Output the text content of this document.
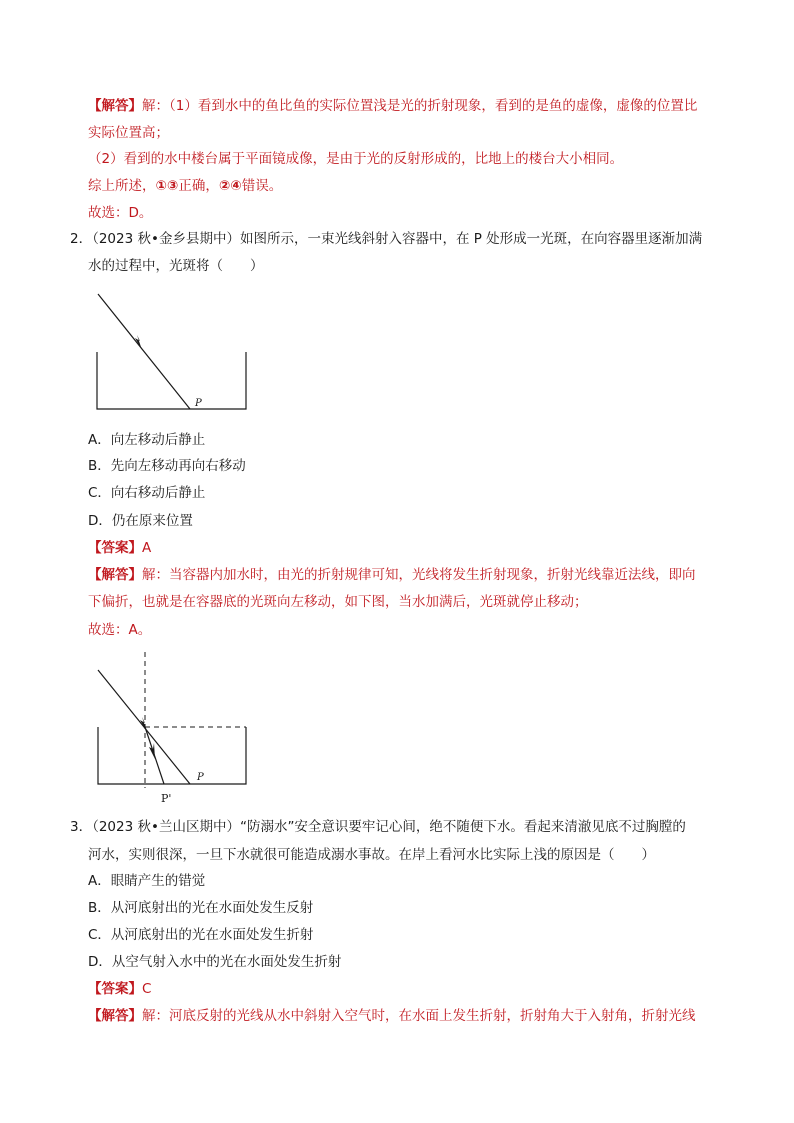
【解答】解：（1）看到水中的鱼比鱼的实际位置浅是光的折射现象，看到的是鱼的虚像，虚像的位置比
实际位置高；
（2）看到的水中楼台属于平面镜成像，是由于光的反射形成的，比地上的楼台大小相同。
综上所述，①③正确，②④错误。
故选：D。
2．（2023 秋•金乡县期中）如图所示，一束光线斜射入容器中，在 P 处形成一光斑，在向容器里逐渐加满
水的过程中，光斑将（　　）
P
A．向左移动后静止
B．先向左移动再向右移动
C．向右移动后静止
D．仍在原来位置
【答案】A
【解答】解：当容器内加水时，由光的折射规律可知，光线将发生折射现象，折射光线靠近法线，即向
下偏折，也就是在容器底的光斑向左移动，如下图，当水加满后，光斑就停止移动；
故选：A。
P
P'
3．（2023 秋•兰山区期中）“防溺水”安全意识要牢记心间，绝不随便下水。看起来清澈见底不过胸膛的
河水，实则很深，一旦下水就很可能造成溺水事故。在岸上看河水比实际上浅的原因是（　　）
A．眼睛产生的错觉
B．从河底射出的光在水面处发生反射
C．从河底射出的光在水面处发生折射
D．从空气射入水中的光在水面处发生折射
【答案】C
【解答】解：河底反射的光线从水中斜射入空气时，在水面上发生折射，折射角大于入射角，折射光线
